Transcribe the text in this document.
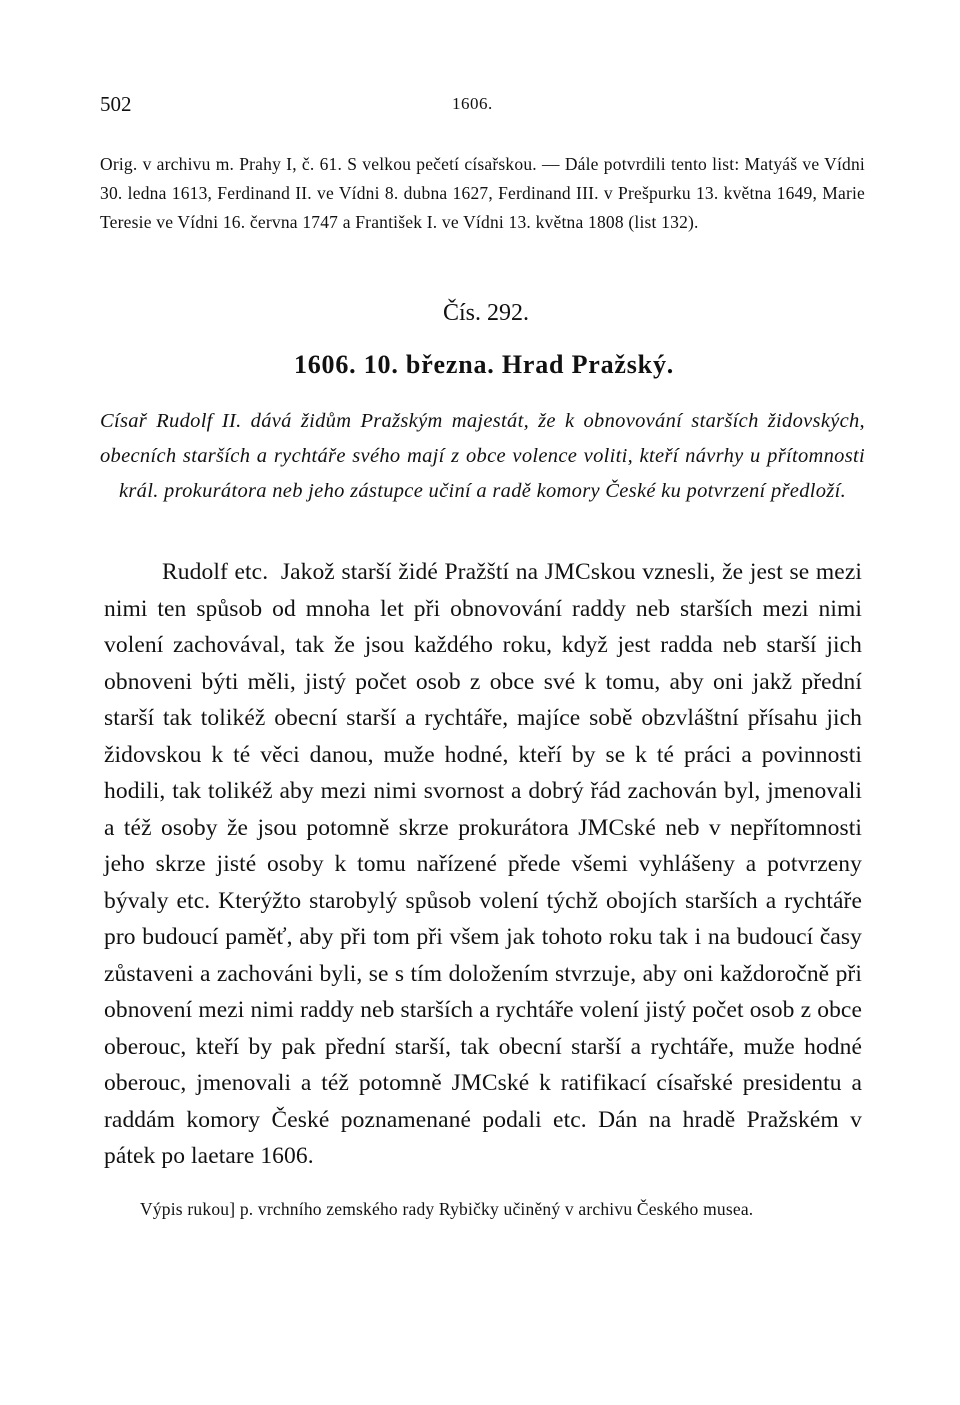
502	1606.
Orig. v archivu m. Prahy I, č. 61. S velkou pečetí císařskou. — Dále potvrdili tento list: Matyáš ve Vídni 30. ledna 1613, Ferdinand II. ve Vídni 8. dubna 1627, Ferdinand III. v Prešpurku 13. května 1649, Marie Teresie ve Vídni 16. června 1747 a František I. ve Vídni 13. května 1808 (list 132).
Čís. 292.
1606. 10. března. Hrad Pražský.
Císař Rudolf II. dává židům Pražským majestát, že k obnovování starších židovských, obecních starších a rychtáře svého mají z obce volence voliti, kteří návrhy u přítomnosti král. prokurátora neb jeho zástupce učiní a radě komory České ku potvrzení předloží.
Rudolf etc. Jakož starší židé Pražští na JMCskou vznesli, že jest se mezi nimi ten spůsob od mnoha let při obnovování raddy neb starších mezi nimi volení zachovával, tak že jsou každého roku, když jest radda neb starší jich obnoveni býti měli, jistý počet osob z obce své k tomu, aby oni jakž přední starší tak tolikéž obecní starší a rychtáře, majíce sobě obzvláštní přísahu jich židovskou k té věci danou, muže hodné, kteří by se k té práci a povinnosti hodili, tak tolikéž aby mezi nimi svornost a dobrý řád zachován byl, jmenovali a též osoby že jsou potomně skrze prokurátora JMCské neb v nepřítomnosti jeho skrze jisté osoby k tomu nařízené přede všemi vyhlášeny a potvrzeny bývaly etc. Kterýžto starobylý spůsob volení týchž obojích starších a rychtáře pro budoucí paměť, aby při tom při všem jak tohoto roku tak i na budoucí časy zůstaveni a zachováni byli, se s tím doložením stvrzuje, aby oni každoročně při obnovení mezi nimi raddy neb starších a rychtáře volení jistý počet osob z obce oberouc, kteří by pak přední starší, tak obecní starší a rychtáře, muže hodné oberouc, jmenovali a též potomně JMCské k ratifikací císařské presidentu a raddám komory České poznamenané podali etc. Dán na hradě Pražském v pátek po laetare 1606.
Výpis rukou] p. vrchního zemského rady Rybičky učiněný v archivu Českého musea.
